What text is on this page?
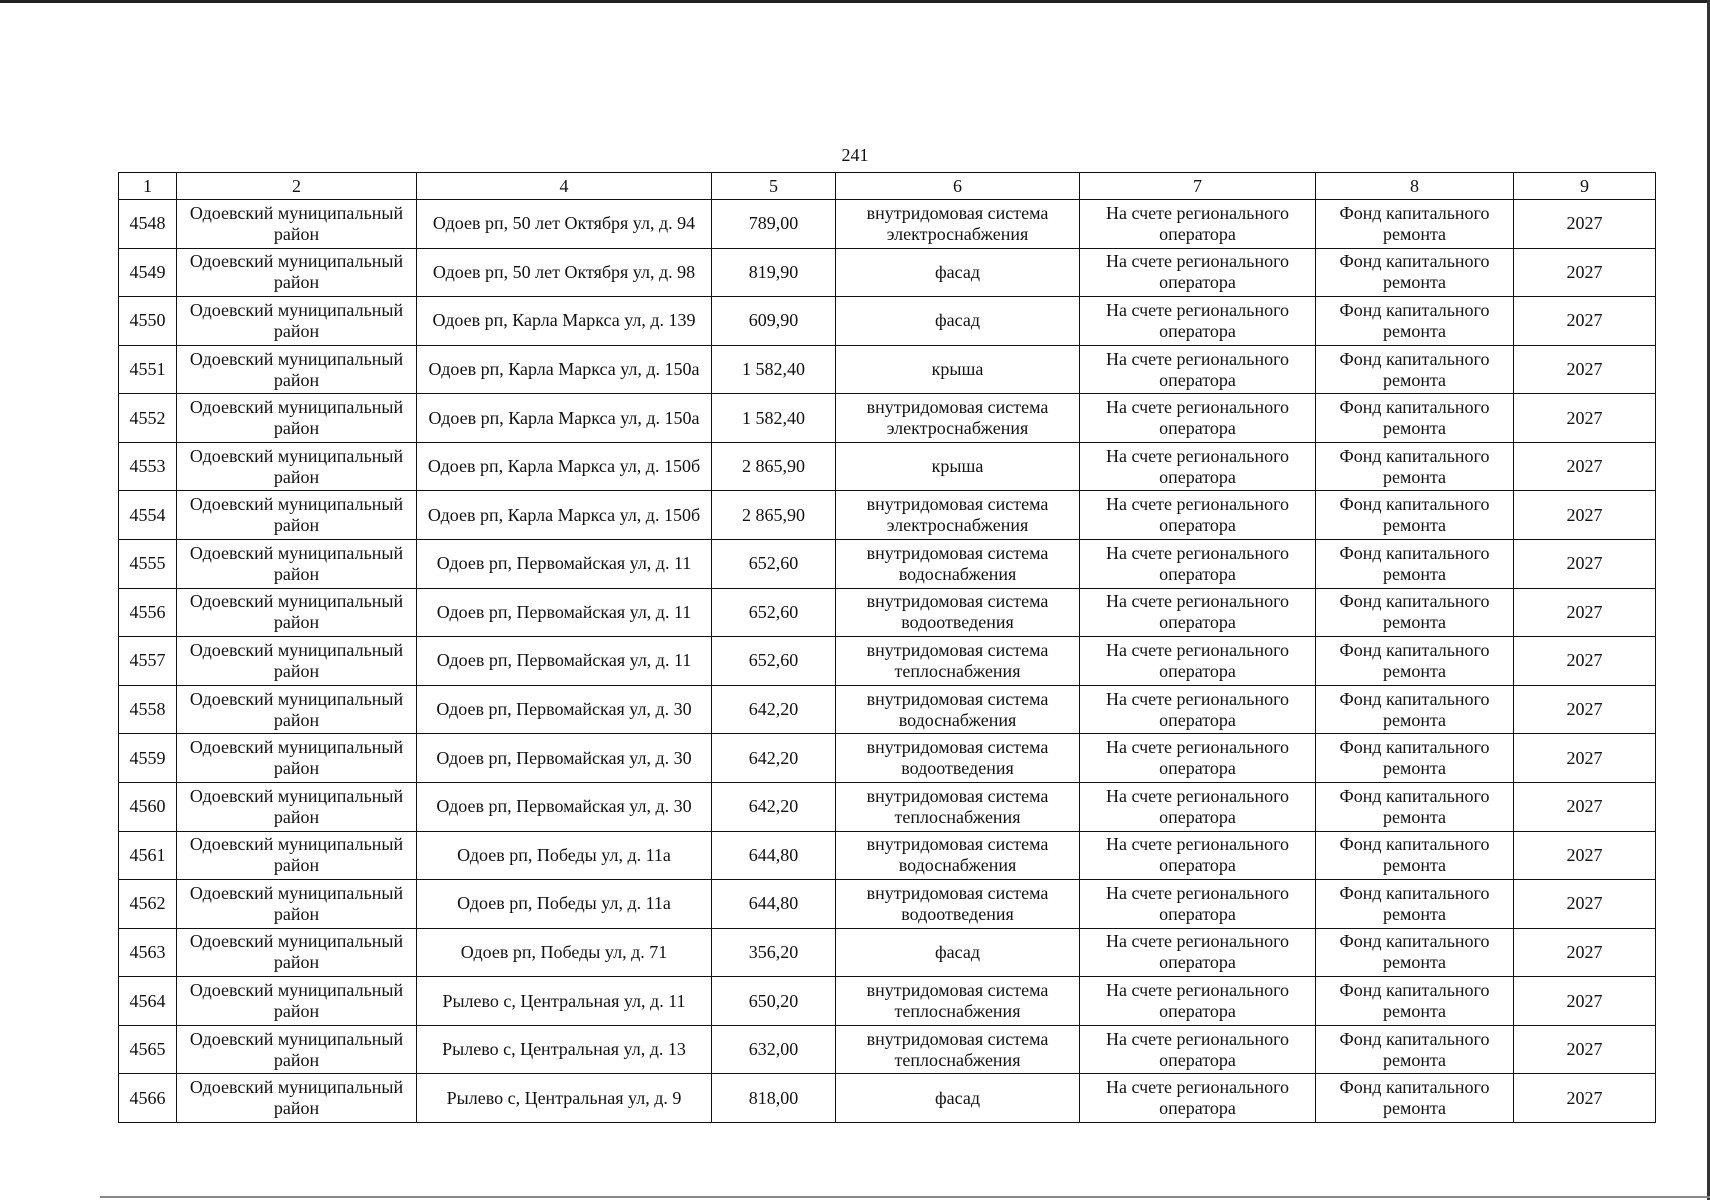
241
1	2	4	5	6	7	8	9
4548	Одоевский муниципальный район	Одоев рп, 50 лет Октября ул, д. 94	789,00	внутридомовая система электроснабжения	На счете регионального оператора	Фонд капитального ремонта	2027
4549	Одоевский муниципальный район	Одоев рп, 50 лет Октября ул, д. 98	819,90	фасад	На счете регионального оператора	Фонд капитального ремонта	2027
4550	Одоевский муниципальный район	Одоев рп, Карла Маркса ул, д. 139	609,90	фасад	На счете регионального оператора	Фонд капитального ремонта	2027
4551	Одоевский муниципальный район	Одоев рп, Карла Маркса ул, д. 150а	1 582,40	крыша	На счете регионального оператора	Фонд капитального ремонта	2027
4552	Одоевский муниципальный район	Одоев рп, Карла Маркса ул, д. 150а	1 582,40	внутридомовая система электроснабжения	На счете регионального оператора	Фонд капитального ремонта	2027
4553	Одоевский муниципальный район	Одоев рп, Карла Маркса ул, д. 150б	2 865,90	крыша	На счете регионального оператора	Фонд капитального ремонта	2027
4554	Одоевский муниципальный район	Одоев рп, Карла Маркса ул, д. 150б	2 865,90	внутридомовая система электроснабжения	На счете регионального оператора	Фонд капитального ремонта	2027
4555	Одоевский муниципальный район	Одоев рп, Первомайская ул, д. 11	652,60	внутридомовая система водоснабжения	На счете регионального оператора	Фонд капитального ремонта	2027
4556	Одоевский муниципальный район	Одоев рп, Первомайская ул, д. 11	652,60	внутридомовая система водоотведения	На счете регионального оператора	Фонд капитального ремонта	2027
4557	Одоевский муниципальный район	Одоев рп, Первомайская ул, д. 11	652,60	внутридомовая система теплоснабжения	На счете регионального оператора	Фонд капитального ремонта	2027
4558	Одоевский муниципальный район	Одоев рп, Первомайская ул, д. 30	642,20	внутридомовая система водоснабжения	На счете регионального оператора	Фонд капитального ремонта	2027
4559	Одоевский муниципальный район	Одоев рп, Первомайская ул, д. 30	642,20	внутридомовая система водоотведения	На счете регионального оператора	Фонд капитального ремонта	2027
4560	Одоевский муниципальный район	Одоев рп, Первомайская ул, д. 30	642,20	внутридомовая система теплоснабжения	На счете регионального оператора	Фонд капитального ремонта	2027
4561	Одоевский муниципальный район	Одоев рп, Победы ул, д. 11а	644,80	внутридомовая система водоснабжения	На счете регионального оператора	Фонд капитального ремонта	2027
4562	Одоевский муниципальный район	Одоев рп, Победы ул, д. 11а	644,80	внутридомовая система водоотведения	На счете регионального оператора	Фонд капитального ремонта	2027
4563	Одоевский муниципальный район	Одоев рп, Победы ул, д. 71	356,20	фасад	На счете регионального оператора	Фонд капитального ремонта	2027
4564	Одоевский муниципальный район	Рылево с, Центральная ул, д. 11	650,20	внутридомовая система теплоснабжения	На счете регионального оператора	Фонд капитального ремонта	2027
4565	Одоевский муниципальный район	Рылево с, Центральная ул, д. 13	632,00	внутридомовая система теплоснабжения	На счете регионального оператора	Фонд капитального ремонта	2027
4566	Одоевский муниципальный район	Рылево с, Центральная ул, д. 9	818,00	фасад	На счете регионального оператора	Фонд капитального ремонта	2027
